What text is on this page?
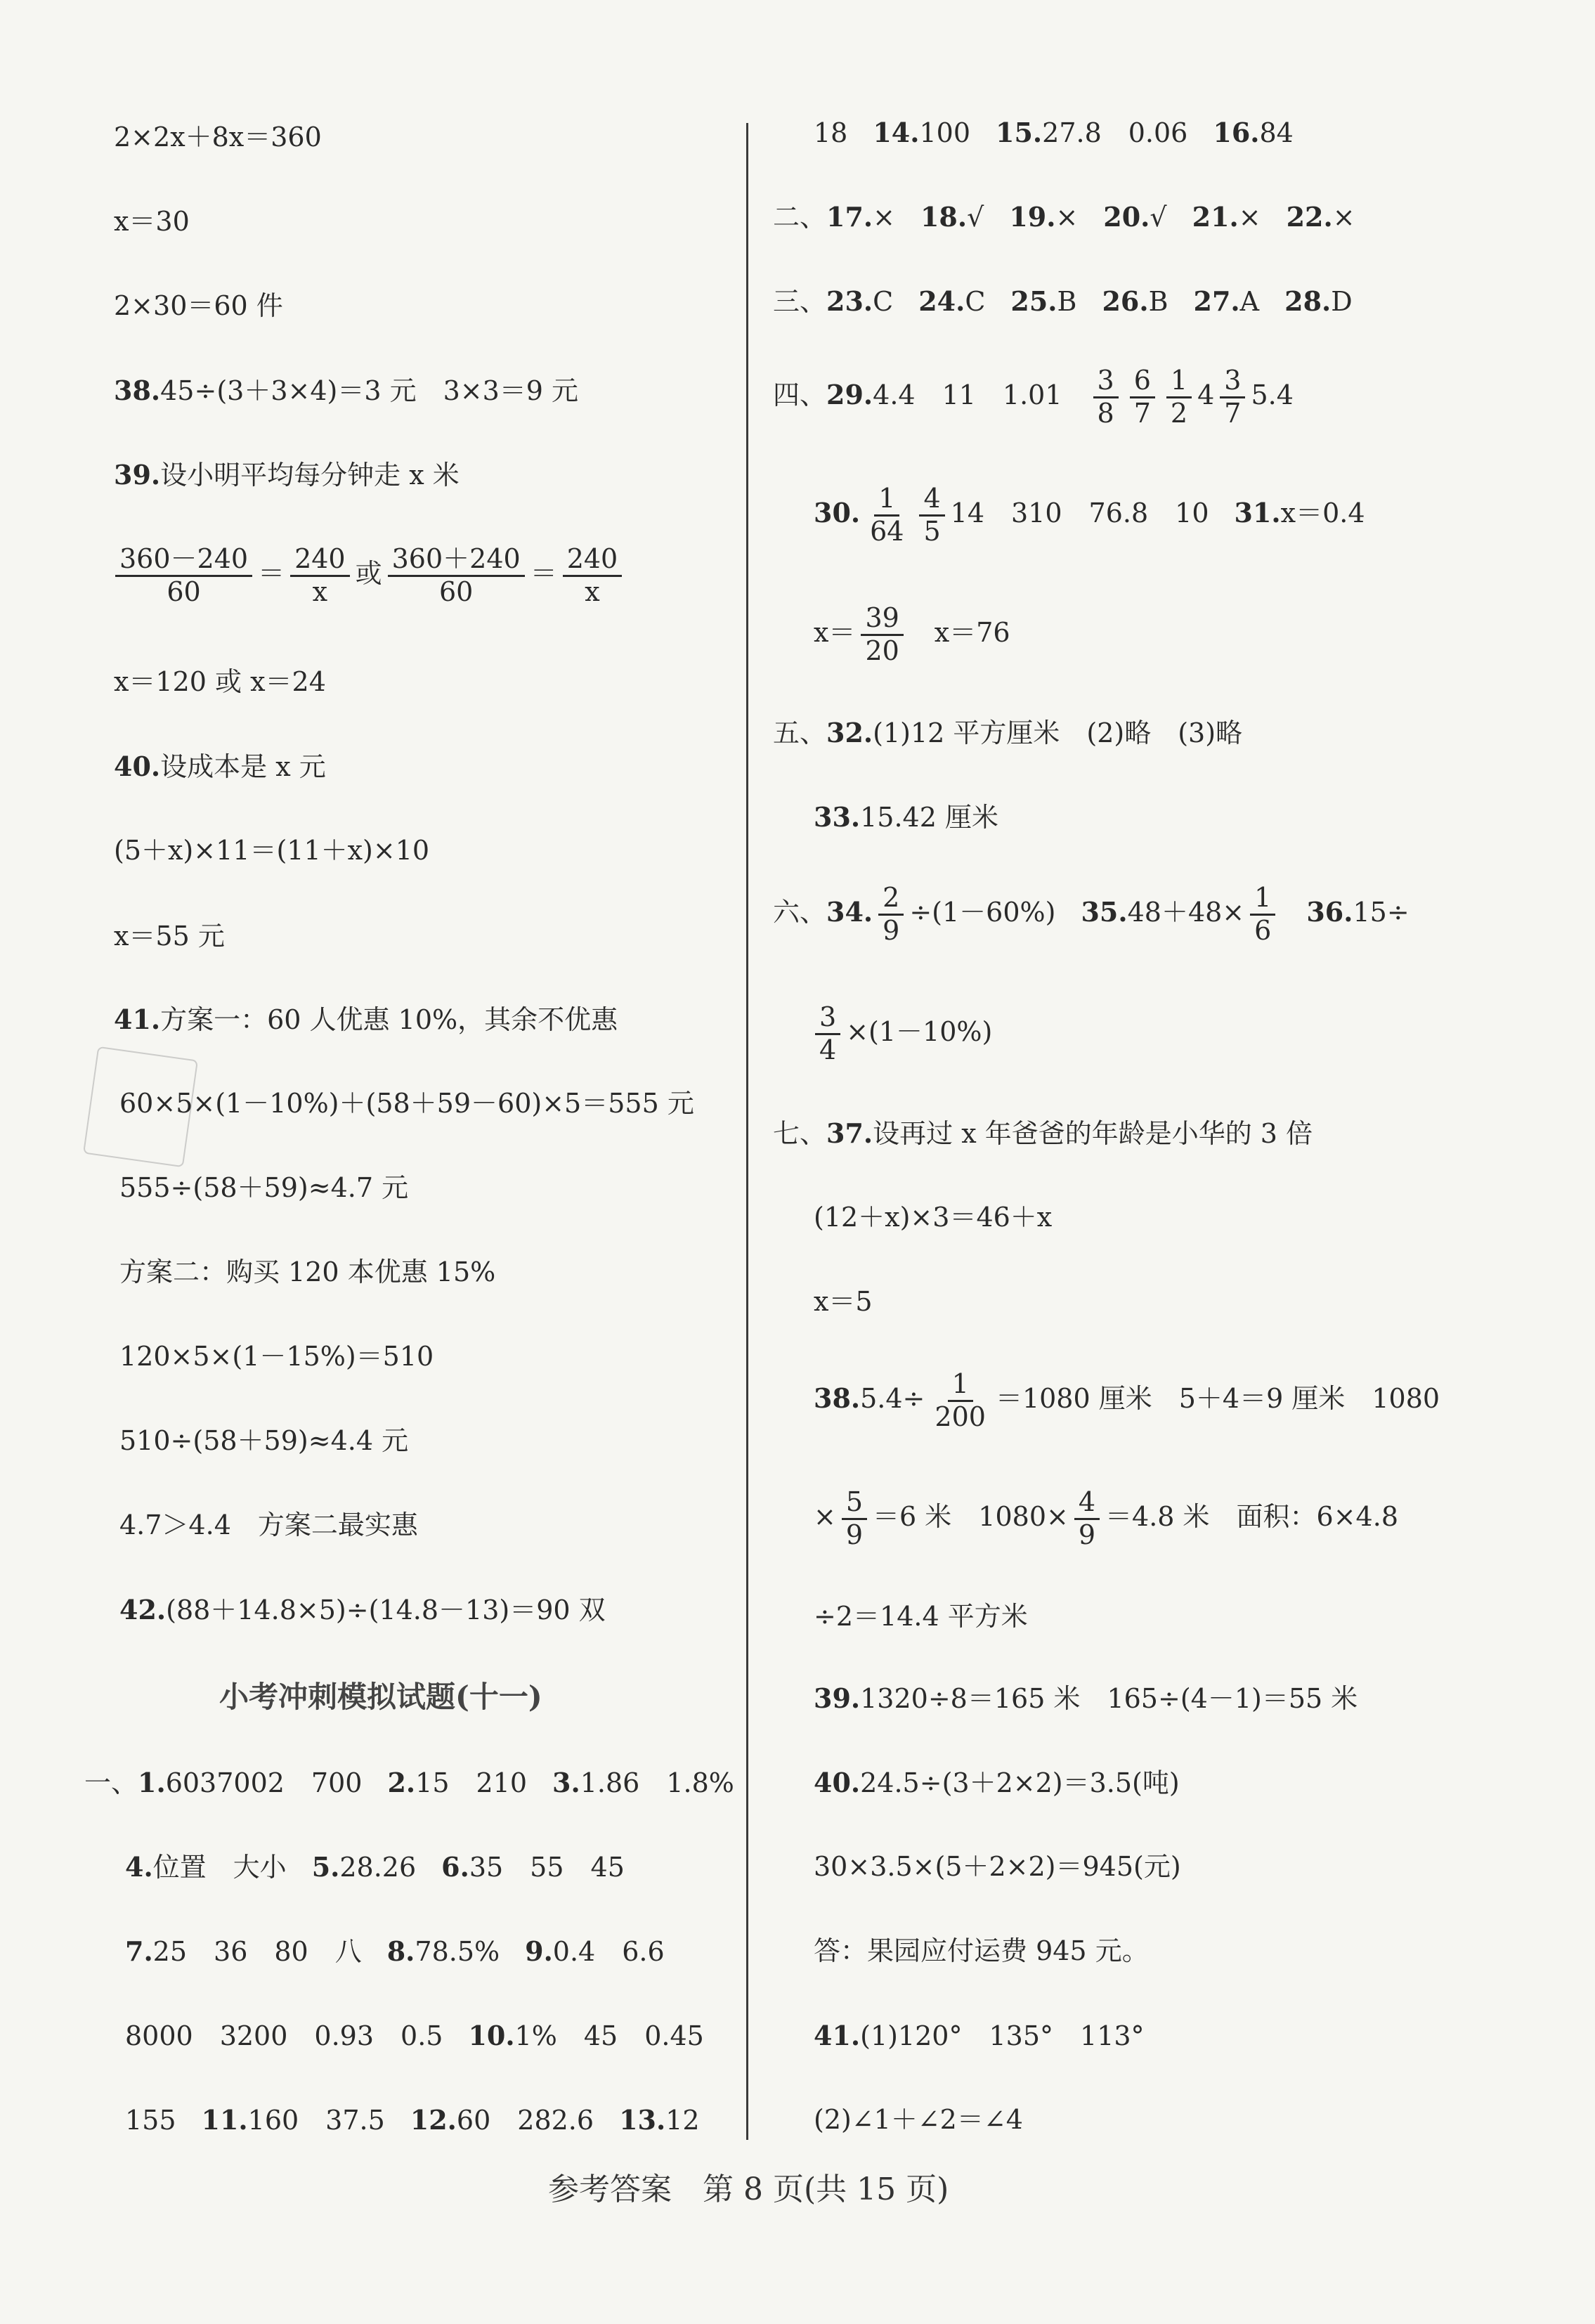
2×2x＋8x＝360
x＝30
2×30＝60 件
38.45÷(3＋3×4)＝3 元　3×3＝9 元
39.设小明平均每分钟走 x 米
$\frac{360-240}{60} = \frac{240}{x}$ 或 $\frac{360+240}{60} = \frac{240}{x}$
x＝120 或 x＝24
40.设成本是 x 元
(5＋x)×11＝(11＋x)×10
x＝55 元
41.方案一：60 人优惠 10%，其余不优惠
60×5×(1－10%)＋(58＋59－60)×5＝555 元
555÷(58＋59)≈4.7 元
方案二：购买 120 本优惠 15%
120×5×(1－15%)＝510
510÷(58＋59)≈4.4 元
4.7＞4.4　方案二最实惠
42.(88＋14.8×5)÷(14.8－13)＝90 双
小考冲刺模拟试题(十一)
一、1.6037002　700 2.15　210 3.1.86　1.8%
4.位置　大小 5.28.26 6.35　55　45
7.25　36　80　八 8.78.5% 9.0.4　6.6
8000　3200　0.93　0.5 10.1%　45　0.45
155 11.160　37.5 12.60　282.6 13.12
18 14.100 15.27.8　0.06 16.84
二、17.× 18.√ 19.× 20.√ 21.× 22.×
三、23.C 24.C 25.B 26.B 27.A 28.D
四、29.4.4　11　$1.01 \frac{3}{8} \frac{6}{7} \frac{1}{2} 4 \frac{3}{7} 5.4$
30. $\frac{1}{64} \frac{4}{5} 14$　310　76.8　10 31.x＝0.4
$x= \frac{39}{20} x=76$
五、32.(1)12 平方厘米　(2)略　(3)略
33.15.42 厘米
六、34. $\frac{2}{9} \div(1-60\%)$ $35.48+48\times \frac{1}{6} 36.15\div$
$\frac{3}{4} \times(1-10\%)$
七、37.设再过 x 年爸爸的年龄是小华的 3 倍
(12＋x)×3＝46＋x
x＝5
$38.5.4\div \frac{1}{200} =1080$ 厘米　5＋4＝9 厘米　1080
× $\frac{5}{9} =6$ 米　$1080\times \frac{4}{9} =4.8$ 米　面积：6×4.8
÷2＝14.4 平方米
39.1320÷8＝165 米　165÷(4－1)＝55 米
40.24.5÷(3＋2×2)＝3.5(吨)
30×3.5×(5＋2×2)＝945(元)
答：果园应付运费 945 元。
41.(1)120°　135°　113°
(2)∠1＋∠2＝∠4
参考答案　第 8 页(共 15 页)
